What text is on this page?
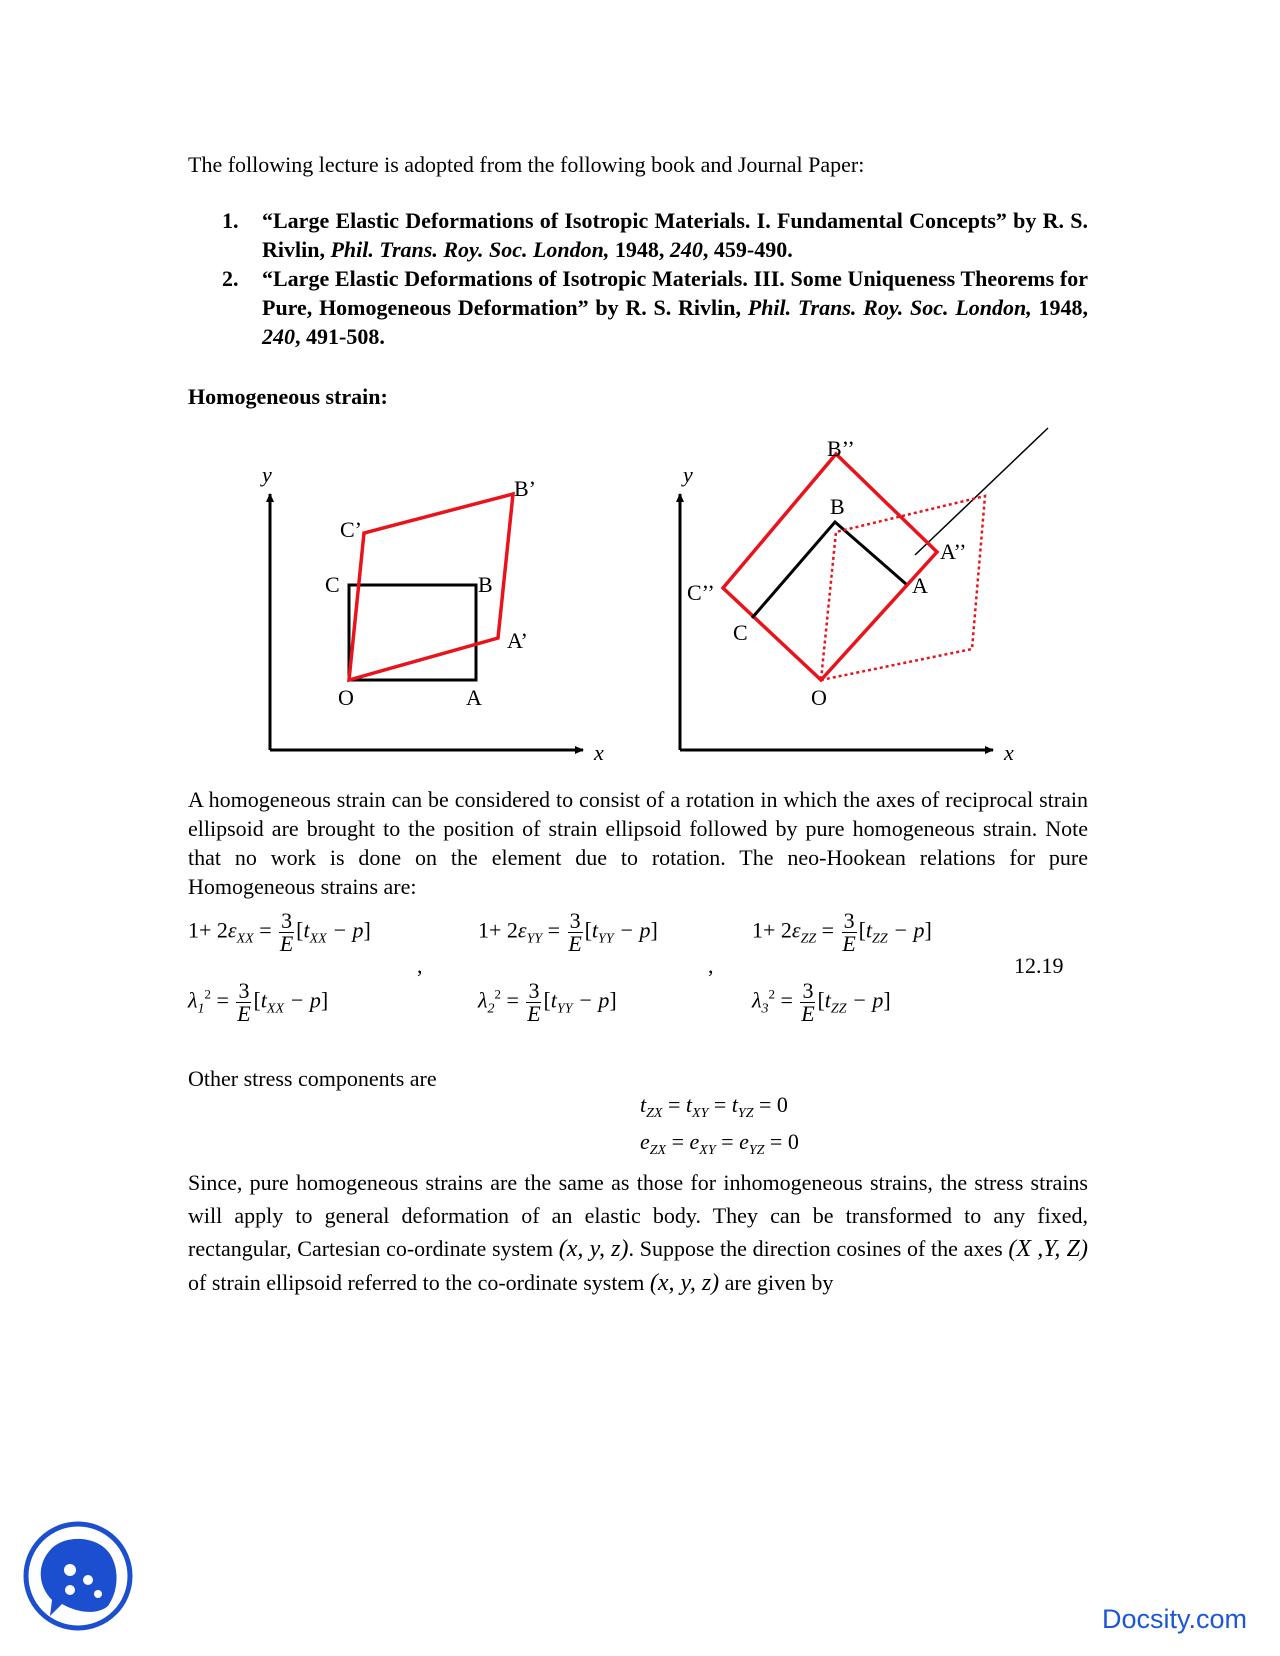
The following lecture is adopted from the following book and Journal Paper:
1. “Large Elastic Deformations of Isotropic Materials. I. Fundamental Concepts” by R. S. Rivlin, Phil. Trans. Roy. Soc. London, 1948, 240, 459-490.
2. “Large Elastic Deformations of Isotropic Materials. III. Some Uniqueness Theorems for Pure, Homogeneous Deformation” by R. S. Rivlin, Phil. Trans. Roy. Soc. London, 1948, 240, 491-508.
Homogeneous strain:
y
x
O	A
B
C
A’
B’
C’
y
x
O
A
B
C
A’’
B’’
C’’
A homogeneous strain can be considered to consist of a rotation in which the axes of reciprocal strain ellipsoid are brought to the position of strain ellipsoid followed by pure homogeneous strain. Note that no work is done on the element due to rotation. The neo-Hookean relations for pure Homogeneous strains are:
$1+ 2\varepsilon_{XX} = \frac{3}{E} [t_{XX} - p]$	$1+ 2\varepsilon_{YY} = \frac{3}{E} [t_{YY} - p]$	$1+ 2\varepsilon_{ZZ} = \frac{3}{E} [t_{ZZ} - p]$
,	,	12.19
$\lambda_1^2 = \frac{3}{E} [t_{XX} - p]$	$\lambda_2^2 = \frac{3}{E} [t_{YY} - p]$	$\lambda_3^2 = \frac{3}{E} [t_{ZZ} - p]$
Other stress components are
$t_{ZX} = t_{XY} = t_{YZ} = 0$
$e_{ZX} = e_{XY} = e_{YZ} = 0$
Since, pure homogeneous strains are the same as those for inhomogeneous strains, the stress strains will apply to general deformation of an elastic body. They can be transformed to any fixed, rectangular, Cartesian co-ordinate system (x, y, z). Suppose the direction cosines of the axes (X ,Y, Z) of strain ellipsoid referred to the co-ordinate system (x, y, z) are given by
Docsity.com
